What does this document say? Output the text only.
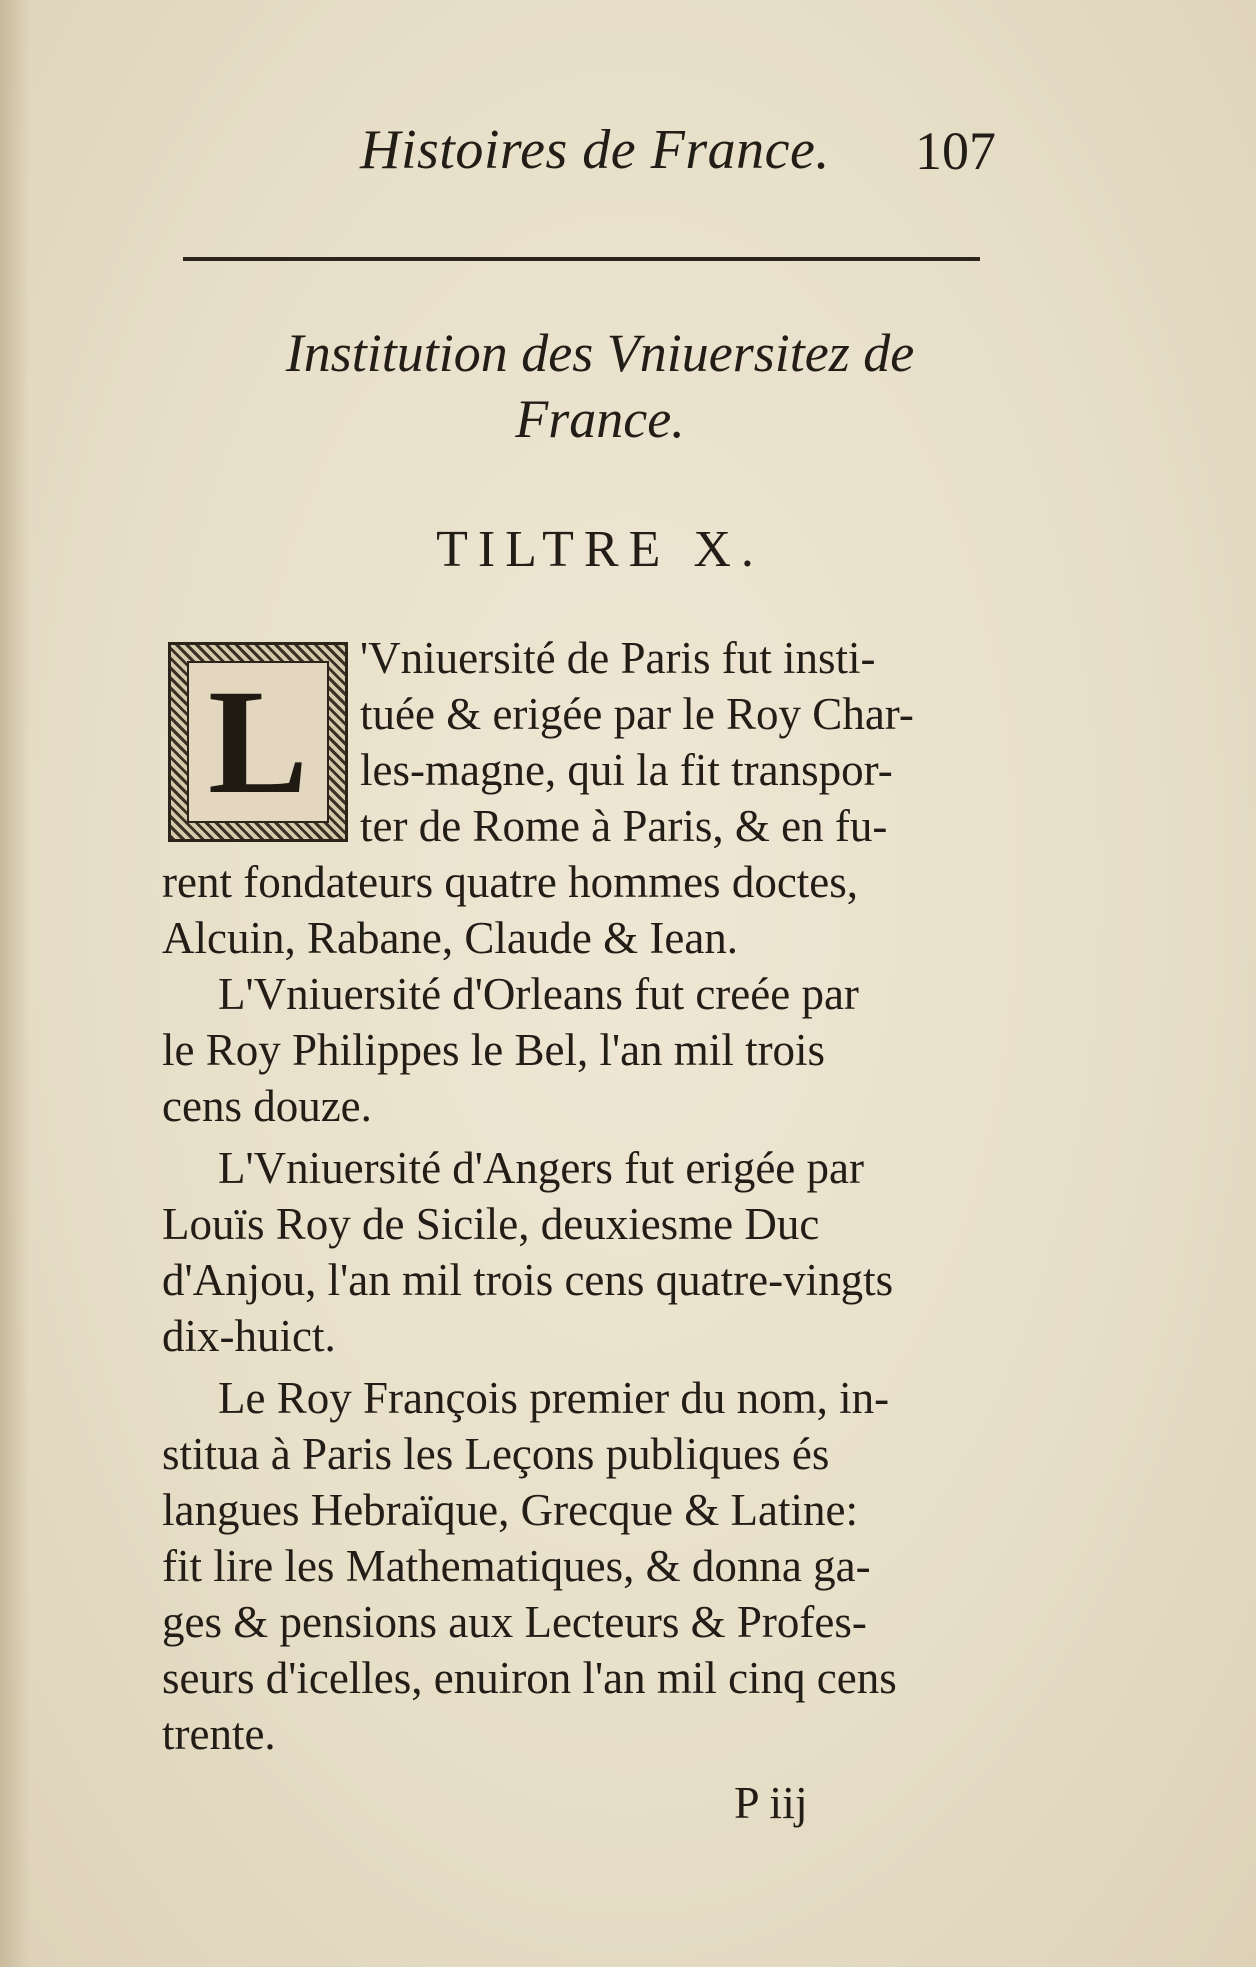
Histoires de France. 107
Institution des Vniuersitez de
France.
TILTRE X.
L
'Vniuersité de Paris fut insti-
tuée & erigée par le Roy Char-
les-magne, qui la fit transpor-
ter de Rome à Paris, & en fu-
rent fondateurs quatre hommes doctes,
Alcuin, Rabane, Claude & Iean.
L'Vniuersité d'Orleans fut creée par
le Roy Philippes le Bel, l'an mil trois
cens douze.
L'Vniuersité d'Angers fut erigée par
Louïs Roy de Sicile, deuxiesme Duc
d'Anjou, l'an mil trois cens quatre-vingts
dix-huict.
Le Roy François premier du nom, in-
stitua à Paris les Leçons publiques és
langues Hebraïque, Grecque & Latine:
fit lire les Mathematiques, & donna ga-
ges & pensions aux Lecteurs & Profes-
seurs d'icelles, enuiron l'an mil cinq cens
trente.
P iij
